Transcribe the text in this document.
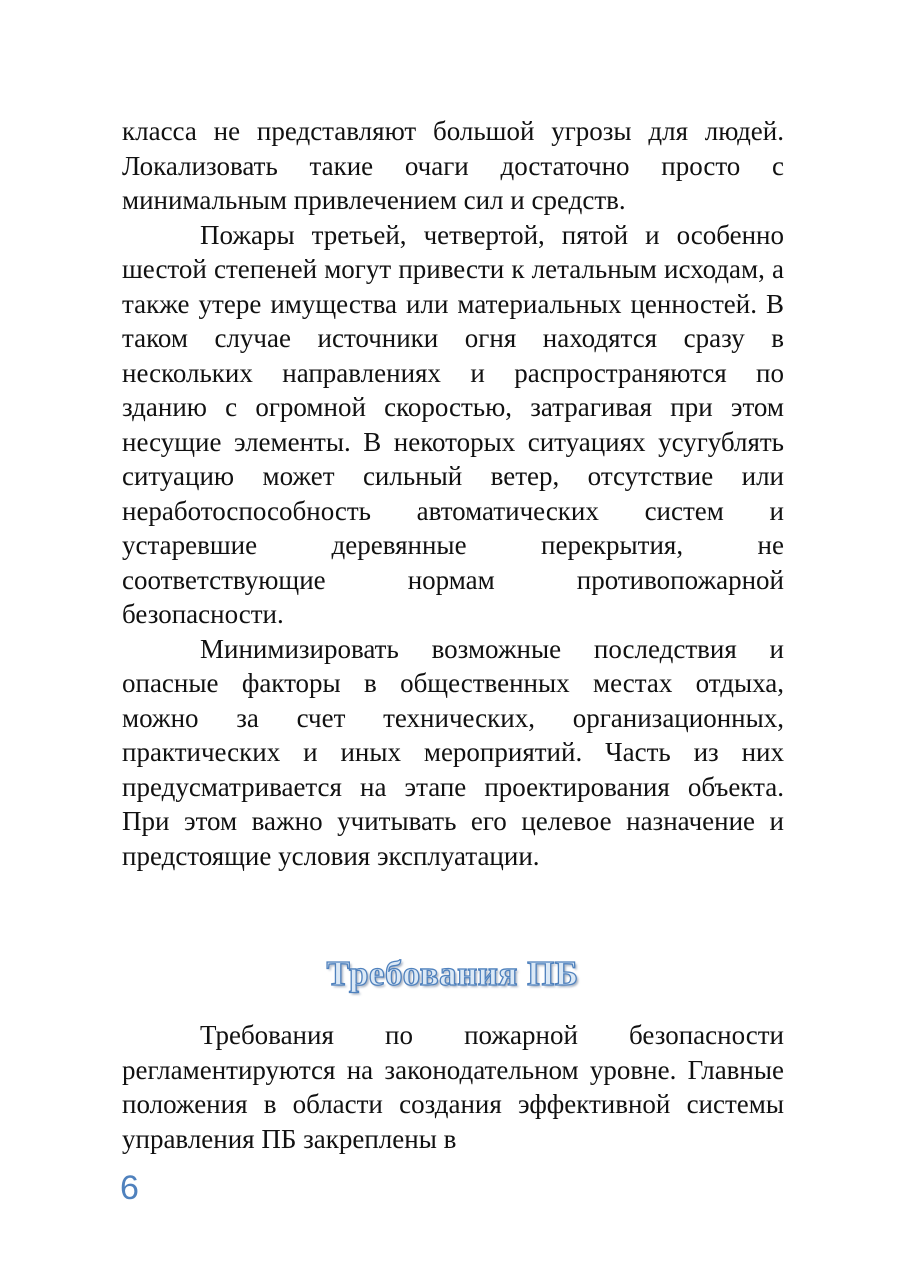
класса не представляют большой угрозы для людей. Локализовать такие очаги достаточно просто с минимальным привлечением сил и средств.

Пожары третьей, четвертой, пятой и особенно шестой степеней могут привести к летальным исходам, а также утере имущества или материальных ценностей. В таком случае источники огня находятся сразу в нескольких направлениях и распространяются по зданию с огромной скоростью, затрагивая при этом несущие элементы. В некоторых ситуациях усугублять ситуацию может сильный ветер, отсутствие или неработоспособность автоматических систем и устаревшие деревянные перекрытия, не соответствующие нормам противопожарной безопасности.

Минимизировать возможные последствия и опасные факторы в общественных местах отдыха, можно за счет технических, организационных, практических и иных мероприятий. Часть из них предусматривается на этапе проектирования объекта. При этом важно учитывать его целевое назначение и предстоящие условия эксплуатации.

Требования ПБ

Требования по пожарной безопасности регламентируются на законодательном уровне. Главные положения в области создания эффективной системы управления ПБ закреплены в

6
